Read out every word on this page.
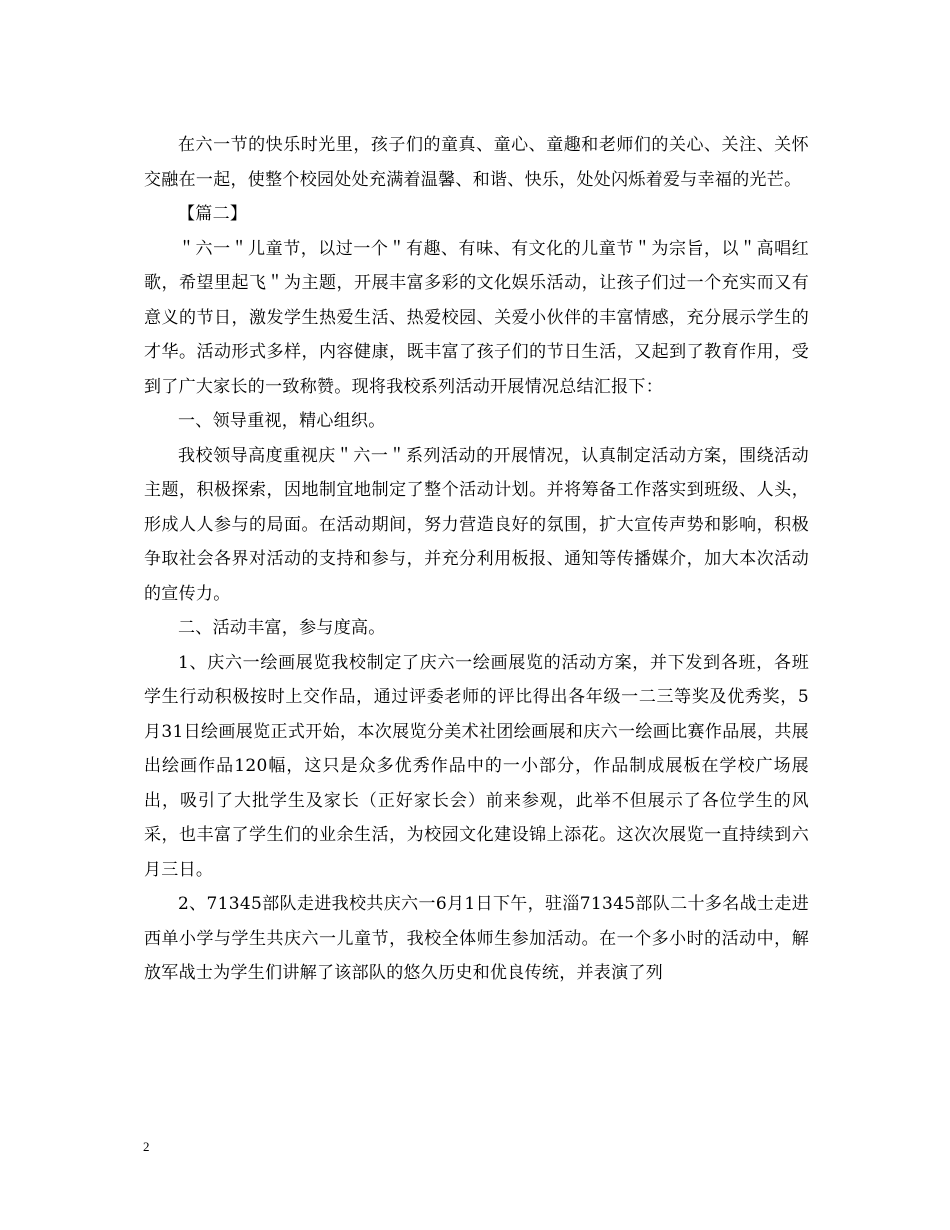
在六一节的快乐时光里，孩子们的童真、童心、童趣和老师们的关心、关注、关怀交融在一起，使整个校园处处充满着温馨、和谐、快乐，处处闪烁着爱与幸福的光芒。

【篇二】

＂六一＂儿童节，以过一个＂有趣、有味、有文化的儿童节＂为宗旨，以＂高唱红歌，希望里起飞＂为主题，开展丰富多彩的文化娱乐活动，让孩子们过一个充实而又有意义的节日，激发学生热爱生活、热爱校园、关爱小伙伴的丰富情感，充分展示学生的才华。活动形式多样，内容健康，既丰富了孩子们的节日生活，又起到了教育作用，受到了广大家长的一致称赞。现将我校系列活动开展情况总结汇报下：

一、领导重视，精心组织。

我校领导高度重视庆＂六一＂系列活动的开展情况，认真制定活动方案，围绕活动主题，积极探索，因地制宜地制定了整个活动计划。并将筹备工作落实到班级、人头，形成人人参与的局面。在活动期间，努力营造良好的氛围，扩大宣传声势和影响，积极争取社会各界对活动的支持和参与，并充分利用板报、通知等传播媒介，加大本次活动的宣传力。

二、活动丰富，参与度高。

1、庆六一绘画展览我校制定了庆六一绘画展览的活动方案，并下发到各班，各班学生行动积极按时上交作品，通过评委老师的评比得出各年级一二三等奖及优秀奖，5月31日绘画展览正式开始，本次展览分美术社团绘画展和庆六一绘画比赛作品展，共展出绘画作品120幅，这只是众多优秀作品中的一小部分，作品制成展板在学校广场展出，吸引了大批学生及家长（正好家长会）前来参观，此举不但展示了各位学生的风采，也丰富了学生们的业余生活，为校园文化建设锦上添花。这次次展览一直持续到六月三日。

2、71345部队走进我校共庆六一6月1日下午，驻淄71345部队二十多名战士走进西单小学与学生共庆六一儿童节，我校全体师生参加活动。在一个多小时的活动中，解放军战士为学生们讲解了该部队的悠久历史和优良传统，并表演了列

2
